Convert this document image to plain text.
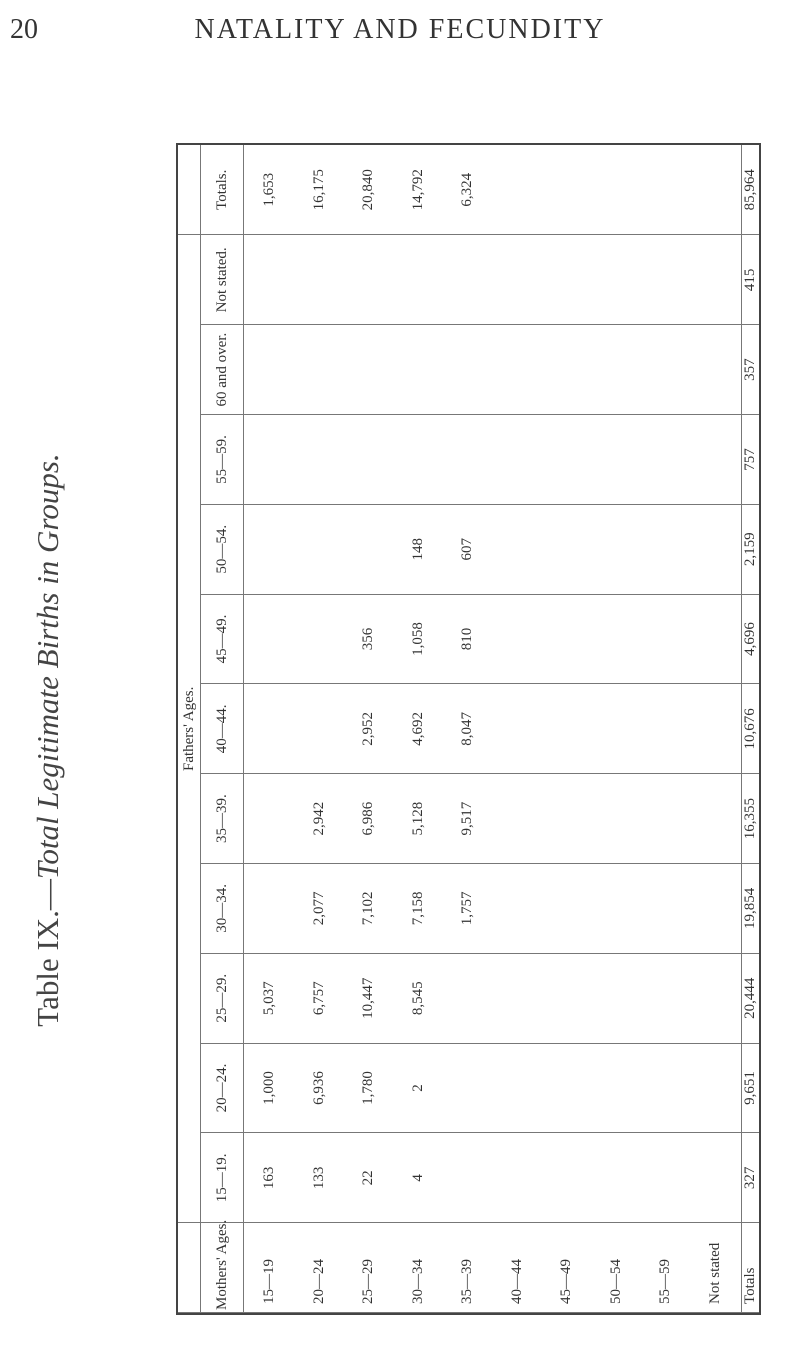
20	NATALITY AND FECUNDITY
Table IX.—Total Legitimate Births in Groups.
		Fathers' Ages.											
Mothers' Ages.	15—19.	20—24.	25—29.	30—34.	35—39.	40—44.	45—49.	50—54.	55—59.	60 and over.	Not stated.	Totals.
15—19	163	1,000	5,037									1,653
20—24	133	6,936	6,757	2,077	2,942							16,175
25—29	22	1,780	10,447	7,102	6,986	2,952	356					20,840
30—34	4	2	8,545	7,158	5,128	4,692	1,058	148				14,792
35—39				1,757	9,517	8,047	810	607				6,324
40—44												
45—49												
50—54												
55—59												
Not stated												
Totals	327	9,651	20,444	19,854	16,355	10,676	4,696	2,159	757	357	415	85,964
